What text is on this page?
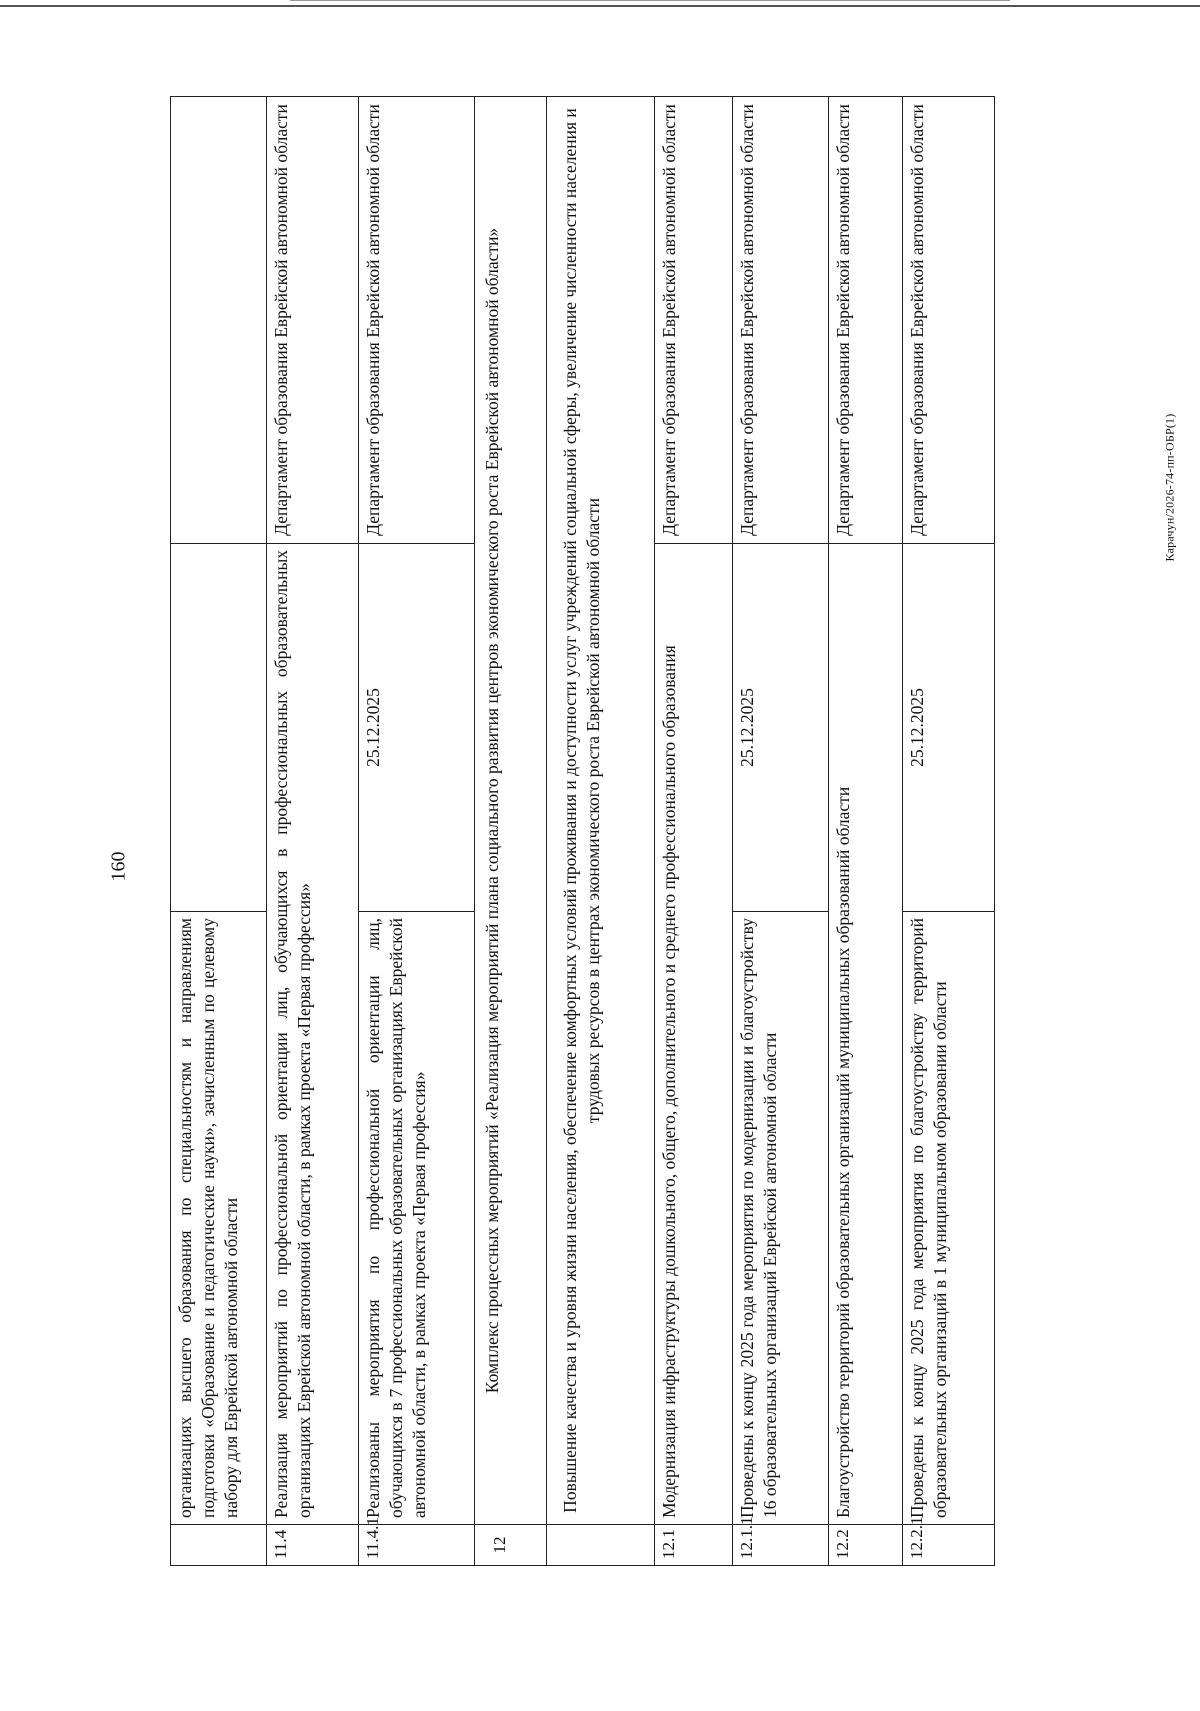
160
Карачун/2026-74-пп-ОБР(1)
	организациях высшего образования по специальностям и направлениям подготовки «Образование и педагогические науки», зачисленным по целевому набору для Еврейской автономной области		
11.4	Реализация мероприятий по профессиональной ориентации лиц, обучающихся в профессиональных образовательных организациях Еврейской автономной области, в рамках проекта «Первая профессия»		Департамент образования Еврейской автономной области
11.4.1	Реализованы мероприятия по профессиональной ориентации лиц, обучающихся в 7 профессиональных образовательных организациях Еврейской автономной области, в рамках проекта «Первая профессия»	25.12.2025	Департамент образования Еврейской автономной области
12	Комплекс процессных мероприятий «Реализация мероприятий плана социального развития центров экономического роста Еврейской автономной области»		
	Повышение качества и уровня жизни населения, обеспечение комфортных условий проживания и доступности услуг учреждений социальной сферы, увеличение численности населения и трудовых ресурсов в центрах экономического роста Еврейской автономной области		
12.1	Модернизация инфраструктуры дошкольного, общего, дополнительного и среднего профессионального образования		Департамент образования Еврейской автономной области
12.1.1	Проведены к концу 2025 года мероприятия по модернизации и благоустройству 16 образовательных организаций Еврейской автономной области	25.12.2025	Департамент образования Еврейской автономной области
12.2	Благоустройство территорий образовательных организаций муниципальных образований области		Департамент образования Еврейской автономной области
12.2.1	Проведены к концу 2025 года мероприятия по благоустройству территорий образовательных организаций в 1 муниципальном образовании области	25.12.2025	Департамент образования Еврейской автономной области
